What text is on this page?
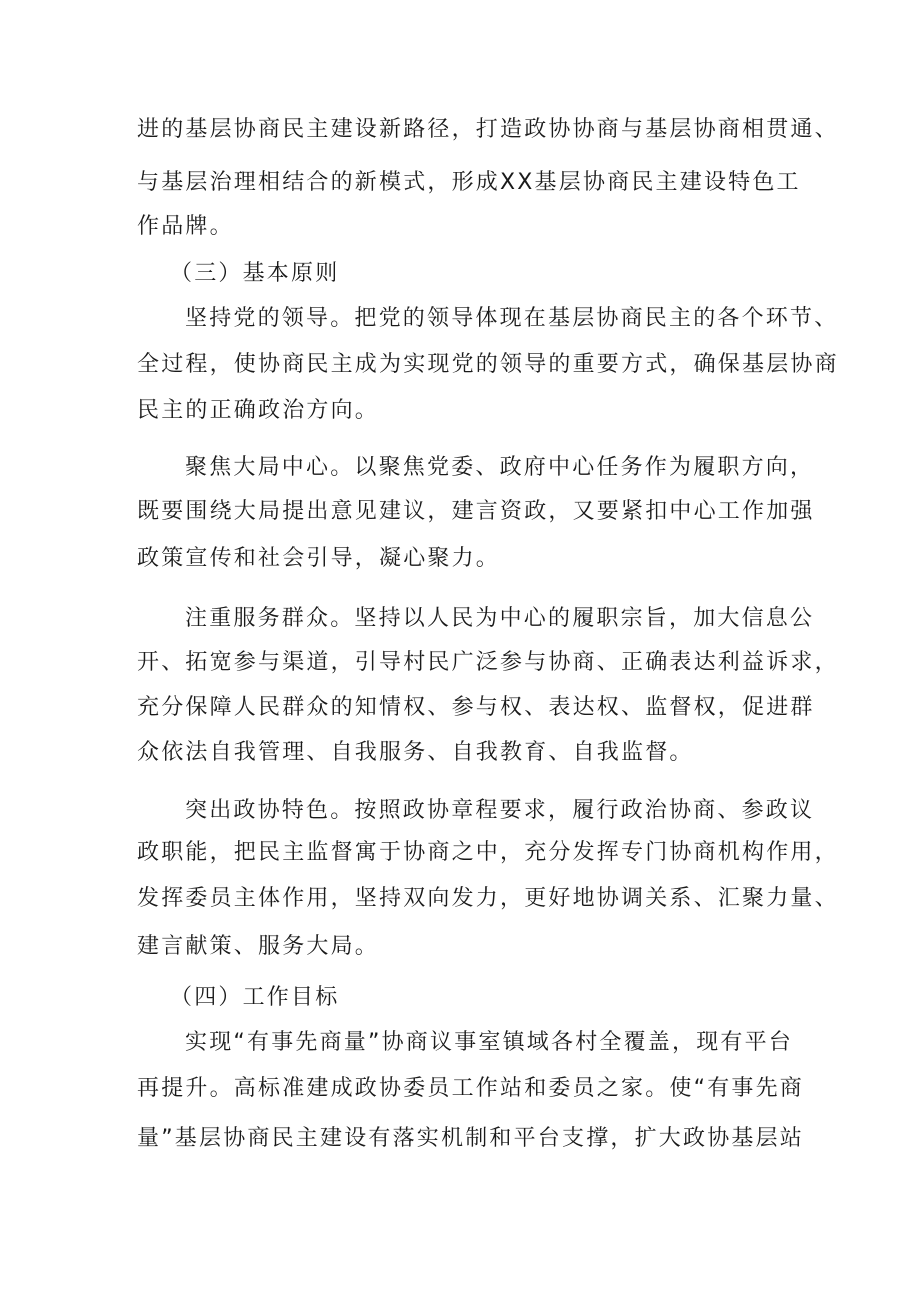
进的基层协商民主建设新路径，打造政协协商与基层协商相贯通、
与基层治理相结合的新模式，形成XX基层协商民主建设特色工
作品牌。
（三）基本原则
坚持党的领导。把党的领导体现在基层协商民主的各个环节、
全过程，使协商民主成为实现党的领导的重要方式，确保基层协商
民主的正确政治方向。
聚焦大局中心。以聚焦党委、政府中心任务作为履职方向，
既要围绕大局提出意见建议，建言资政，又要紧扣中心工作加强
政策宣传和社会引导，凝心聚力。
注重服务群众。坚持以人民为中心的履职宗旨，加大信息公
开、拓宽参与渠道，引导村民广泛参与协商、正确表达利益诉求，
充分保障人民群众的知情权、参与权、表达权、监督权，促进群
众依法自我管理、自我服务、自我教育、自我监督。
突出政协特色。按照政协章程要求，履行政治协商、参政议
政职能，把民主监督寓于协商之中，充分发挥专门协商机构作用，
发挥委员主体作用，坚持双向发力，更好地协调关系、汇聚力量、
建言献策、服务大局。
（四）工作目标
实现“有事先商量”协商议事室镇域各村全覆盖，现有平台
再提升。高标准建成政协委员工作站和委员之家。使“有事先商
量”基层协商民主建设有落实机制和平台支撑，扩大政协基层站
